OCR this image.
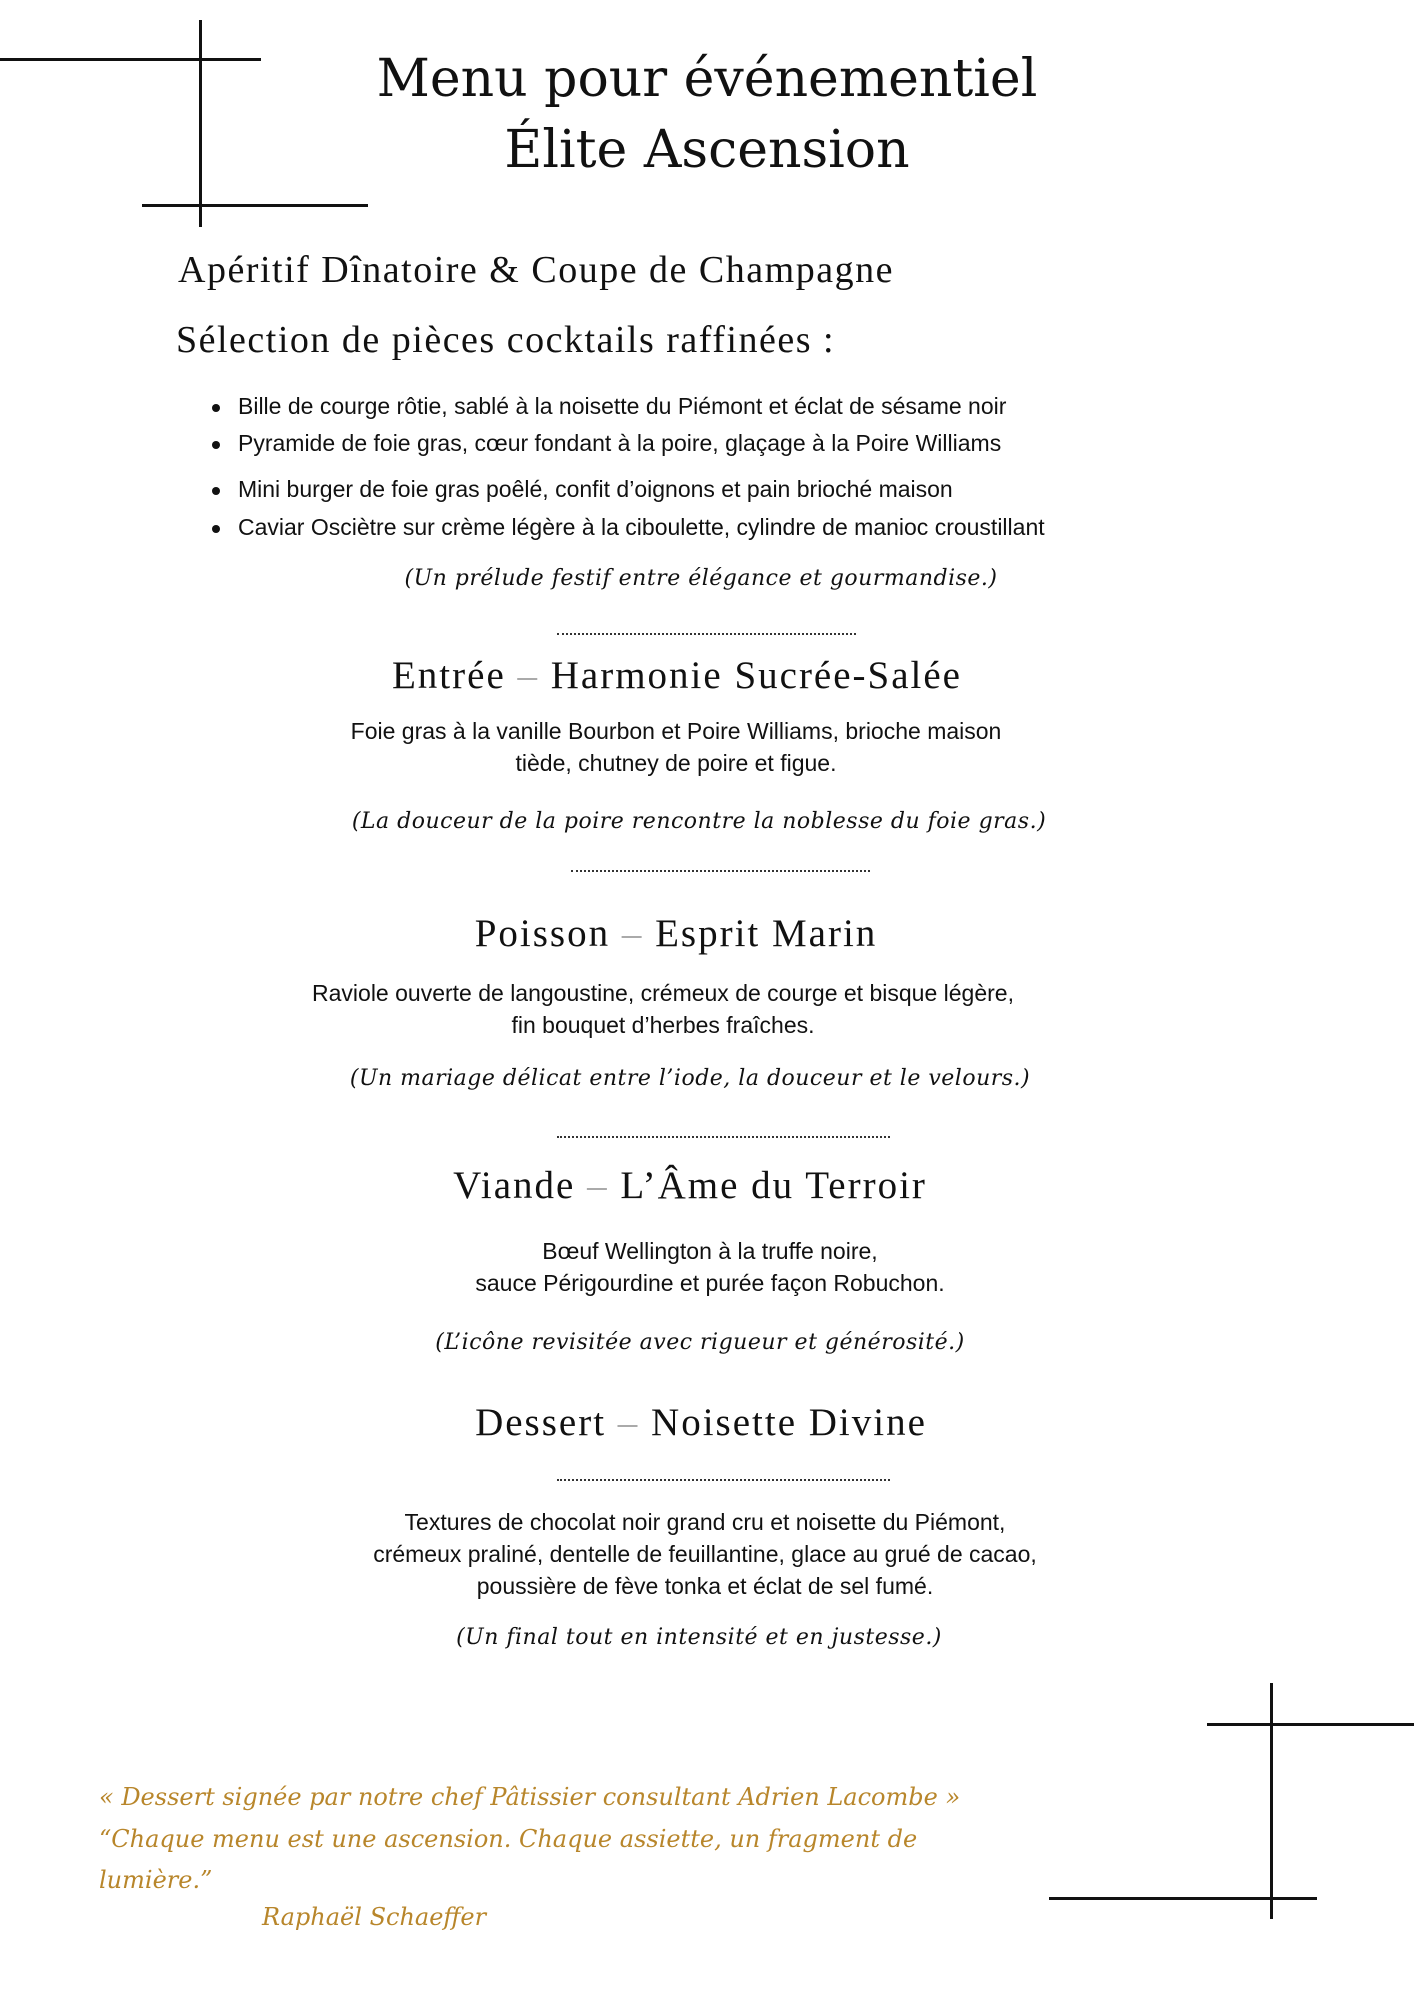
Menu pour événementiel
Élite Ascension
Apéritif Dînatoire & Coupe de Champagne
Sélection de pièces cocktails raffinées :
Bille de courge rôtie, sablé à la noisette du Piémont et éclat de sésame noir
Pyramide de foie gras, cœur fondant à la poire, glaçage à la Poire Williams
Mini burger de foie gras poêlé, confit d’oignons et pain brioché maison
Caviar Osciètre sur crème légère à la ciboulette, cylindre de manioc croustillant
(Un prélude festif entre élégance et gourmandise.)
Entrée – Harmonie Sucrée-Salée
Foie gras à la vanille Bourbon et Poire Williams, brioche maison
tiède, chutney de poire et figue.
(La douceur de la poire rencontre la noblesse du foie gras.)
Poisson – Esprit Marin
Raviole ouverte de langoustine, crémeux de courge et bisque légère,
fin bouquet d’herbes fraîches.
(Un mariage délicat entre l’iode, la douceur et le velours.)
Viande – L’Âme du Terroir
Bœuf Wellington à la truffe noire,
sauce Périgourdine et purée façon Robuchon.
(L’icône revisitée avec rigueur et générosité.)
Dessert – Noisette Divine
Textures de chocolat noir grand cru et noisette du Piémont,
crémeux praliné, dentelle de feuillantine, glace au grué de cacao,
poussière de fève tonka et éclat de sel fumé.
(Un final tout en intensité et en justesse.)
« Dessert signée par notre chef Pâtissier consultant Adrien Lacombe »
“Chaque menu est une ascension. Chaque assiette, un fragment de
lumière.”
Raphaël Schaeffer
